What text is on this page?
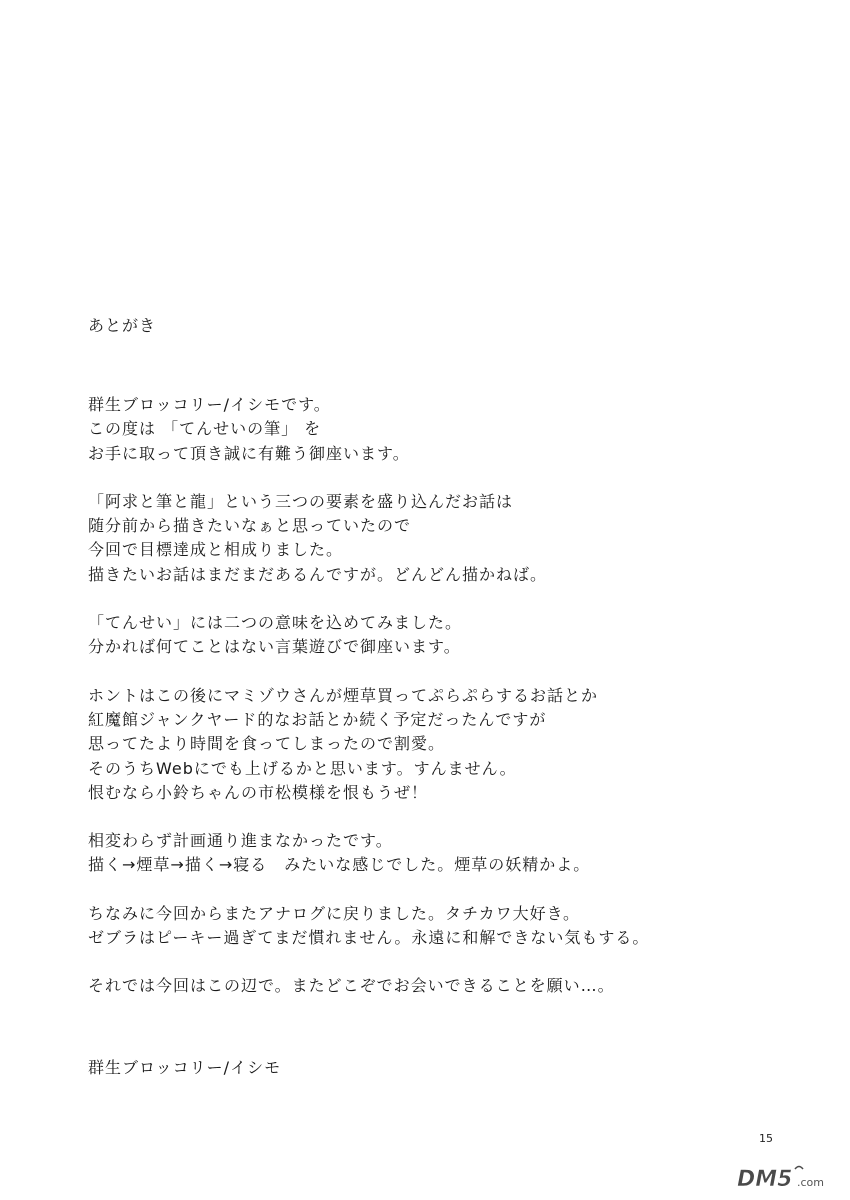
あとがき

群生ブロッコリー/イシモです。

この度は 「てんせいの筆」 を

お手に取って頂き誠に有難う御座います。

「阿求と筆と龍」という三つの要素を盛り込んだお話は

随分前から描きたいなぁと思っていたので

今回で目標達成と相成りました。

描きたいお話はまだまだあるんですが。どんどん描かねば。

「てんせい」には二つの意味を込めてみました。

分かれば何てことはない言葉遊びで御座います。

ホントはこの後にマミゾウさんが煙草買ってぷらぷらするお話とか

紅魔館ジャンクヤード的なお話とか続く予定だったんですが

思ってたより時間を食ってしまったので割愛。

そのうちWebにでも上げるかと思います。すんません。

恨むなら小鈴ちゃんの市松模様を恨もうぜ！

相変わらず計画通り進まなかったです。

描く→煙草→描く→寝る　みたいな感じでした。煙草の妖精かよ。

ちなみに今回からまたアナログに戻りました。タチカワ大好き。

ゼブラはピーキー過ぎてまだ慣れません。永遠に和解できない気もする。

それでは今回はこの辺で。またどこぞでお会いできることを願い…。

群生ブロッコリー/イシモ

15
DM5 .com
